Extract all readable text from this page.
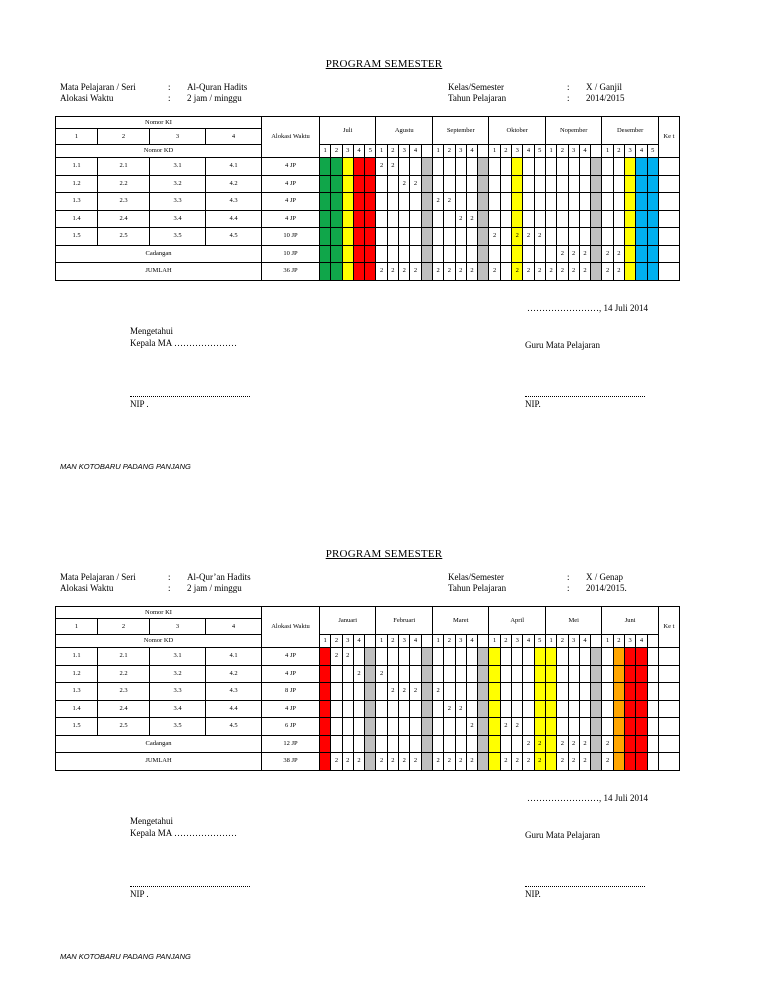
PROGRAM SEMESTER
Mata Pelajaran / Seri	: Al-Quran Hadits	Kelas/Semester	: X / Ganjil
Alokasi Waktu	: 2 jam / minggu	Tahun Pelajaran	: 2014/2015
Nomor KI				Alokasi Waktu	Juli					Agustu					September					Oktober					Nopember					Desember					Ke t
1	2	3	4																																
Nomor KD					1	2	3	4	5	1	2	3	4		1	2	3	4		1	2	3	4	5	1	2	3	4		1	2	3	4	5	
1.1	2.1	3.1	4.1	4 JP						2	2																								
1.2	2.2	3.2	4.2	4 JP								2	2																						
1.3	2.3	3.3	4.3	4 JP											2	2																			
1.4	2.4	3.4	4.4	4 JP													2	2																	
1.5	2.5	3.5	4.5	10 JP																2		2	2	2											
Cadangan				10 JP																						2	2	2		2	2				
JUMLAH				36 JP						2	2	2	2		2	2	2	2		2		2	2	2	2	2	2	2		2	2				
……………………, 14 Juli 2014
Mengetahui
Kepala MA …………………	Guru Mata Pelajaran
NIP .	NIP.
MAN KOTOBARU PADANG PANJANG
PROGRAM SEMESTER
Mata Pelajaran / Seri	: Al-Qur’an Hadits	Kelas/Semester	: X / Genap
Alokasi Waktu	: 2 jam / minggu	Tahun Pelajaran	: 2014/2015.
Nomor KI				Alokasi Waktu	Januari					Februari					Maret					April					Mei					Juni					Ke t
1	2	3	4																																
Nomor KD					1	2	3	4		1	2	3	4		1	2	3	4		1	2	3	4	5	1	2	3	4		1	2	3	4		
1.1	2.1	3.1	4.1	4 JP		2	2																												
1.2	2.2	3.2	4.2	4 JP				2		2																									
1.3	2.3	3.3	4.3	8 JP							2	2	2		2																				
1.4	2.4	3.4	4.4	4 JP												2	2																		
1.5	2.5	3.5	4.5	6 JP														2			2	2													
Cadangan				12 JP																			2	2		2	2	2		2					
JUMLAH				38 JP		2	2	2		2	2	2	2		2	2	2	2			2	2	2	2		2	2	2		2					
……………………, 14 Juli 2014
Mengetahui
Kepala MA …………………	Guru Mata Pelajaran
NIP .	NIP.
MAN KOTOBARU PADANG PANJANG
